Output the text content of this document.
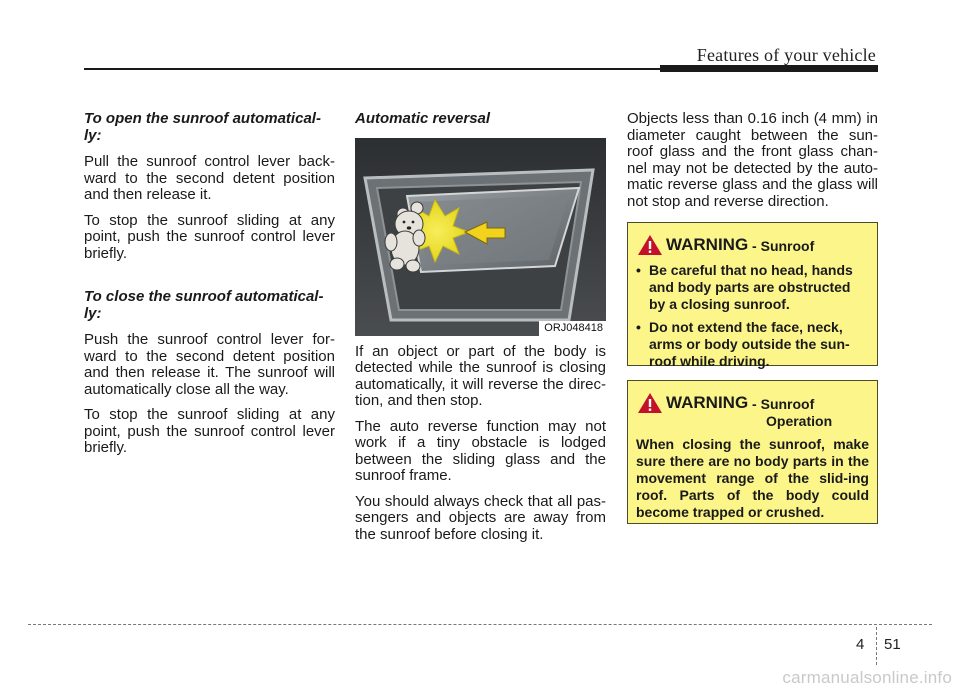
Features of your vehicle
To open the sunroof automatical-ly:

Pull the sunroof control lever back-ward to the second detent position and then release it.

To stop the sunroof sliding at any point, push the sunroof control lever briefly.

To close the sunroof automatical-ly:

Push the sunroof control lever for-ward to the second detent position and then release it. The sunroof will automatically close all the way.

To stop the sunroof sliding at any point, push the sunroof control lever briefly.

Automatic reversal
ORJ048418

If an object or part of the body is detected while the sunroof is closing automatically, it will reverse the direc-tion, and then stop.

The auto reverse function may not work if a tiny obstacle is lodged between the sliding glass and the sunroof frame.

You should always check that all pas-sengers and objects are away from the sunroof before closing it.

Objects less than 0.16 inch (4 mm) in diameter caught between the sun-roof glass and the front glass chan-nel may not be detected by the auto-matic reverse glass and the glass will not stop and reverse direction.

WARNING - Sunroof
• Be careful that no head, hands and body parts are obstructed by a closing sunroof.
• Do not extend the face, neck, arms or body outside the sun-roof while driving.
WARNING - Sunroof
Operation

When closing the sunroof, make sure there are no body parts in the movement range of the slid-ing roof. Parts of the body could become trapped or crushed.

4 51
carmanualsonline.info
